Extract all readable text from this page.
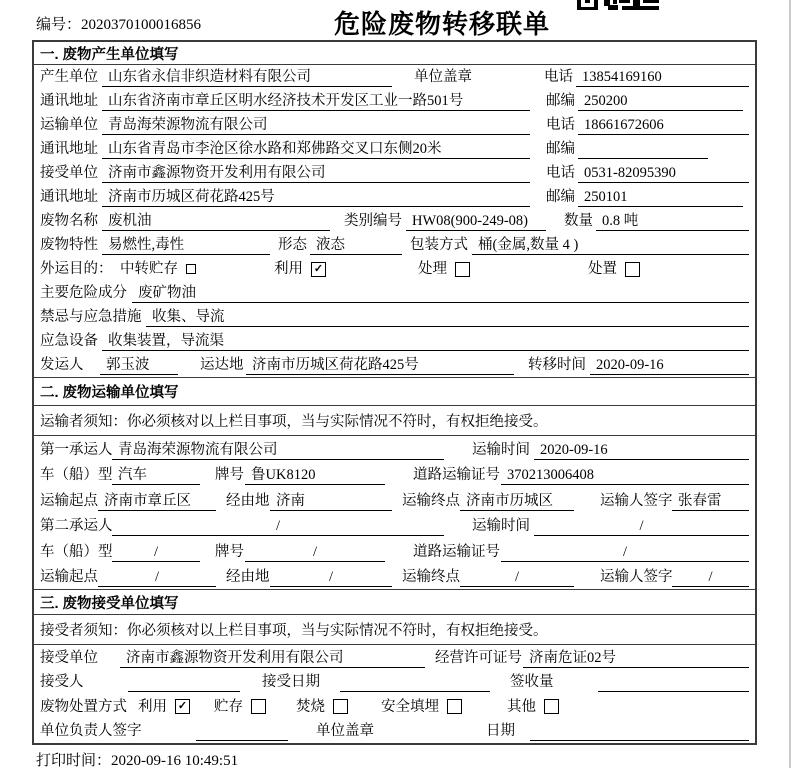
编号：2020370100016856	危险废物转移联单
一. 废物产生单位填写
产生单位 山东省永信非织造材料有限公司	单位盖章	电话 13854169160
通讯地址 山东省济南市章丘区明水经济技术开发区工业一路501号	邮编 250200
运输单位 青岛海荣源物流有限公司	电话 18661672606
通讯地址 山东省青岛市李沧区徐水路和郑佛路交叉口东侧20米	邮编
接受单位 济南市鑫源物资开发利用有限公司	电话 0531-82095390
通讯地址 济南市历城区荷花路425号	邮编 250101
废物名称 废机油	类别编号 HW08(900-249-08)	数量 0.8 吨
废物特性 易燃性,毒性	形态 液态	包装方式 桶(金属,数量 4 )
外运目的： 中转贮存	利用 ✓	处理	处置
主要危险成分 废矿物油
禁忌与应急措施 收集、导流
应急设备 收集装置，导流渠
发运人	郭玉波	运达地 济南市历城区荷花路425号	转移时间 2020-09-16
二. 废物运输单位填写
运输者须知： 你必须核对以上栏目事项，当与实际情况不符时，有权拒绝接受。
第一承运人 青岛海荣源物流有限公司	运输时间 2020-09-16
车（船）型 汽车	牌号 鲁UK8120	道路运输证号 370213006408
运输起点 济南市章丘区	经由地 济南	运输终点 济南市历城区	运输人签字 张春雷
第二承运人	/	运输时间	/
车（船）型	/	牌号	/	道路运输证号	/
运输起点	/	经由地	/	运输终点	/	运输人签字	/
三. 废物接受单位填写
接受者须知： 你必须核对以上栏目事项，当与实际情况不符时，有权拒绝接受。
接受单位	济南市鑫源物资开发利用有限公司	经营许可证号 济南危证02号
接受人	接受日期	签收量
废物处置方式 利用 ✓ 贮存	焚烧	安全填埋	其他
单位负责人签字	单位盖章	日期
打印时间：2020-09-16 10:49:51
